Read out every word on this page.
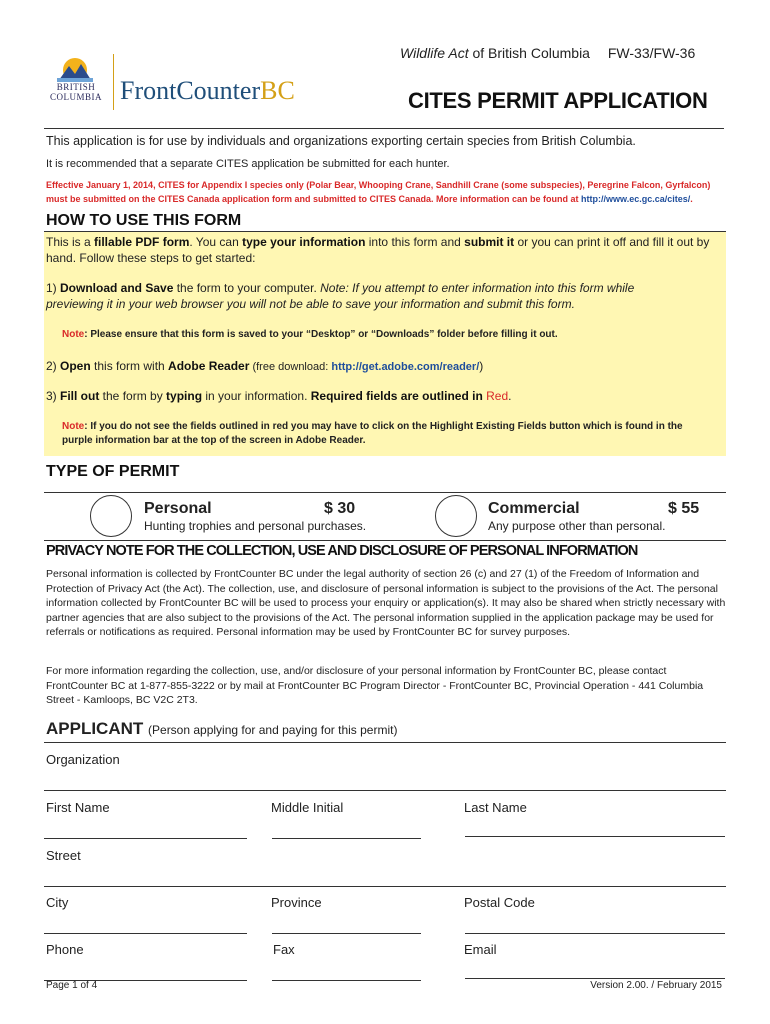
BRITISH
COLUMBIA FrontCounterBC
Wildlife Act of British Columbia FW-33/FW-36
CITES PERMIT APPLICATION
This application is for use by individuals and organizations exporting certain species from British Columbia.
It is recommended that a separate CITES application be submitted for each hunter.
Effective January 1, 2014, CITES for Appendix I species only (Polar Bear, Whooping Crane, Sandhill Crane (some subspecies), Peregrine Falcon, Gyrfalcon) must be submitted on the CITES Canada application form and submitted to CITES Canada. More information can be found at http://www.ec.gc.ca/cites/.
HOW TO USE THIS FORM
This is a fillable PDF form. You can type your information into this form and submit it or you can print it off and fill it out by hand. Follow these steps to get started:
1) Download and Save the form to your computer. Note: If you attempt to enter information into this form while previewing it in your web browser you will not be able to save your information and submit this form.
Note: Please ensure that this form is saved to your “Desktop” or “Downloads” folder before filling it out.
2) Open this form with Adobe Reader (free download: http://get.adobe.com/reader/)
3) Fill out the form by typing in your information. Required fields are outlined in Red.
Note: If you do not see the fields outlined in red you may have to click on the Highlight Existing Fields button which is found in the purple information bar at the top of the screen in Adobe Reader.
TYPE OF PERMIT
Personal	$ 30
Hunting trophies and personal purchases.
Commercial	$ 55
Any purpose other than personal.
PRIVACY NOTE FOR THE COLLECTION, USE AND DISCLOSURE OF PERSONAL INFORMATION
Personal information is collected by FrontCounter BC under the legal authority of section 26 (c) and 27 (1) of the Freedom of Information and Protection of Privacy Act (the Act). The collection, use, and disclosure of personal information is subject to the provisions of the Act. The personal information collected by FrontCounter BC will be used to process your enquiry or application(s). It may also be shared when strictly necessary with partner agencies that are also subject to the provisions of the Act. The personal information supplied in the application package may be used for referrals or notifications as required. Personal information may be used by FrontCounter BC for survey purposes.
For more information regarding the collection, use, and/or disclosure of your personal information by FrontCounter BC, please contact FrontCounter BC at 1-877-855-3222 or by mail at FrontCounter BC Program Director - FrontCounter BC, Provincial Operation - 441 Columbia Street - Kamloops, BC V2C 2T3.
APPLICANT (Person applying for and paying for this permit)
Organization
First Name	Middle Initial	Last Name
Street
City	Province	Postal Code
Phone	Fax	Email
Page 1 of 4	Version 2.00. / February 2015
